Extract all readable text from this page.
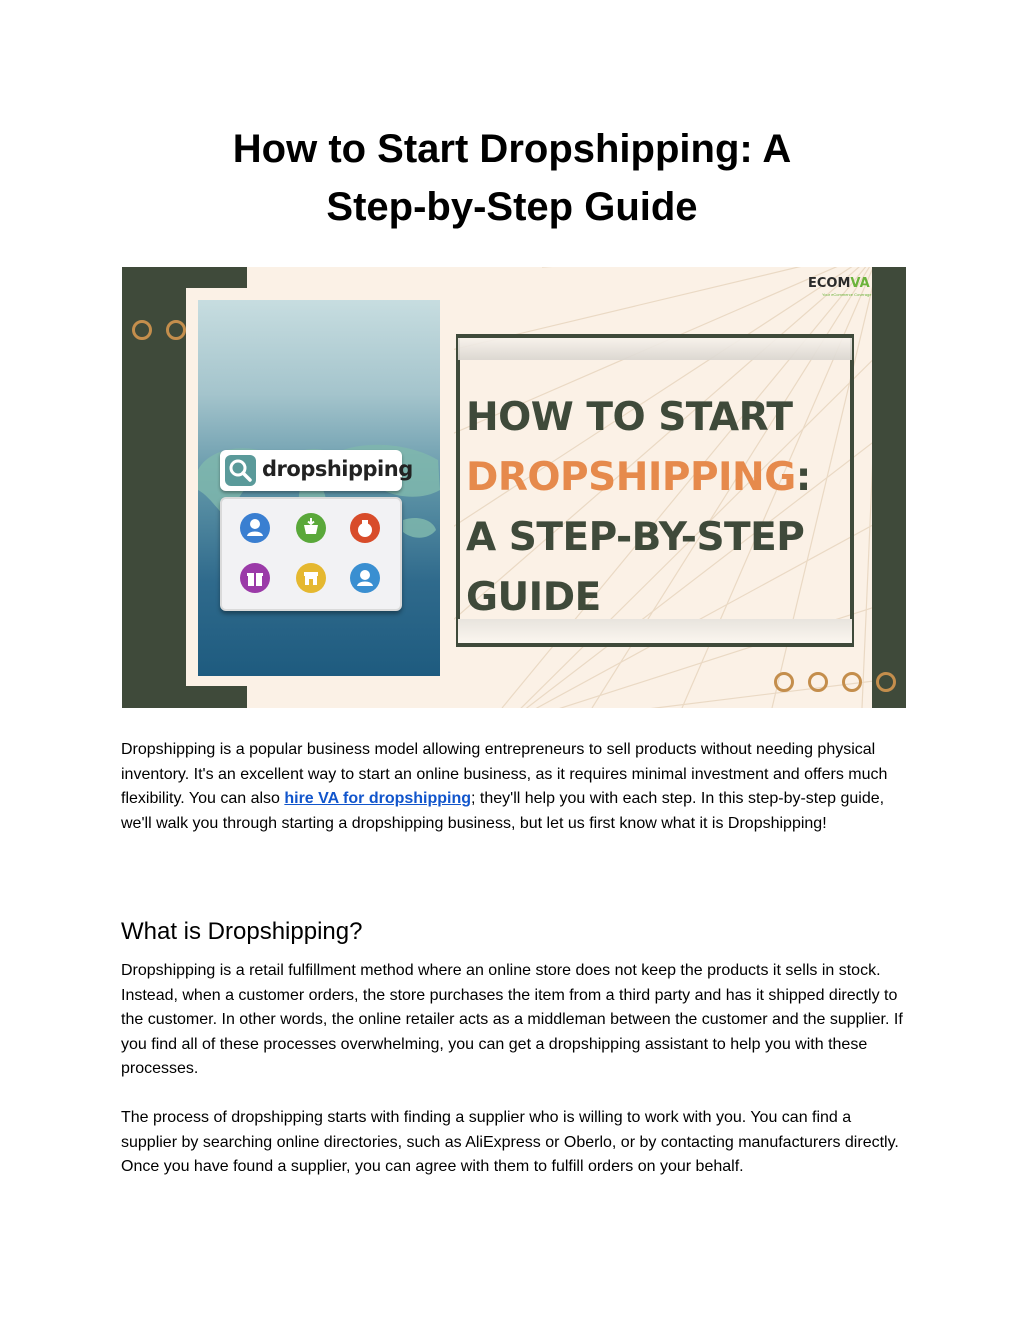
How to Start Dropshipping: A
Step-by-Step Guide
dropshipping
HOW TO START
DROPSHIPPING:
A STEP-BY-STEP
GUIDE
ECOMVA
Your eCommerce Coverage

Dropshipping is a popular business model allowing entrepreneurs to sell products without needing physical inventory. It's an excellent way to start an online business, as it requires minimal investment and offers much flexibility. You can also hire VA for dropshipping; they'll help you with each step. In this step-by-step guide, we'll walk you through starting a dropshipping business, but let us first know what it is Dropshipping!

What is Dropshipping?

Dropshipping is a retail fulfillment method where an online store does not keep the products it sells in stock. Instead, when a customer orders, the store purchases the item from a third party and has it shipped directly to the customer. In other words, the online retailer acts as a middleman between the customer and the supplier. If you find all of these processes overwhelming, you can get a dropshipping assistant to help you with these processes.

The process of dropshipping starts with finding a supplier who is willing to work with you. You can find a supplier by searching online directories, such as AliExpress or Oberlo, or by contacting manufacturers directly. Once you have found a supplier, you can agree with them to fulfill orders on your behalf.
